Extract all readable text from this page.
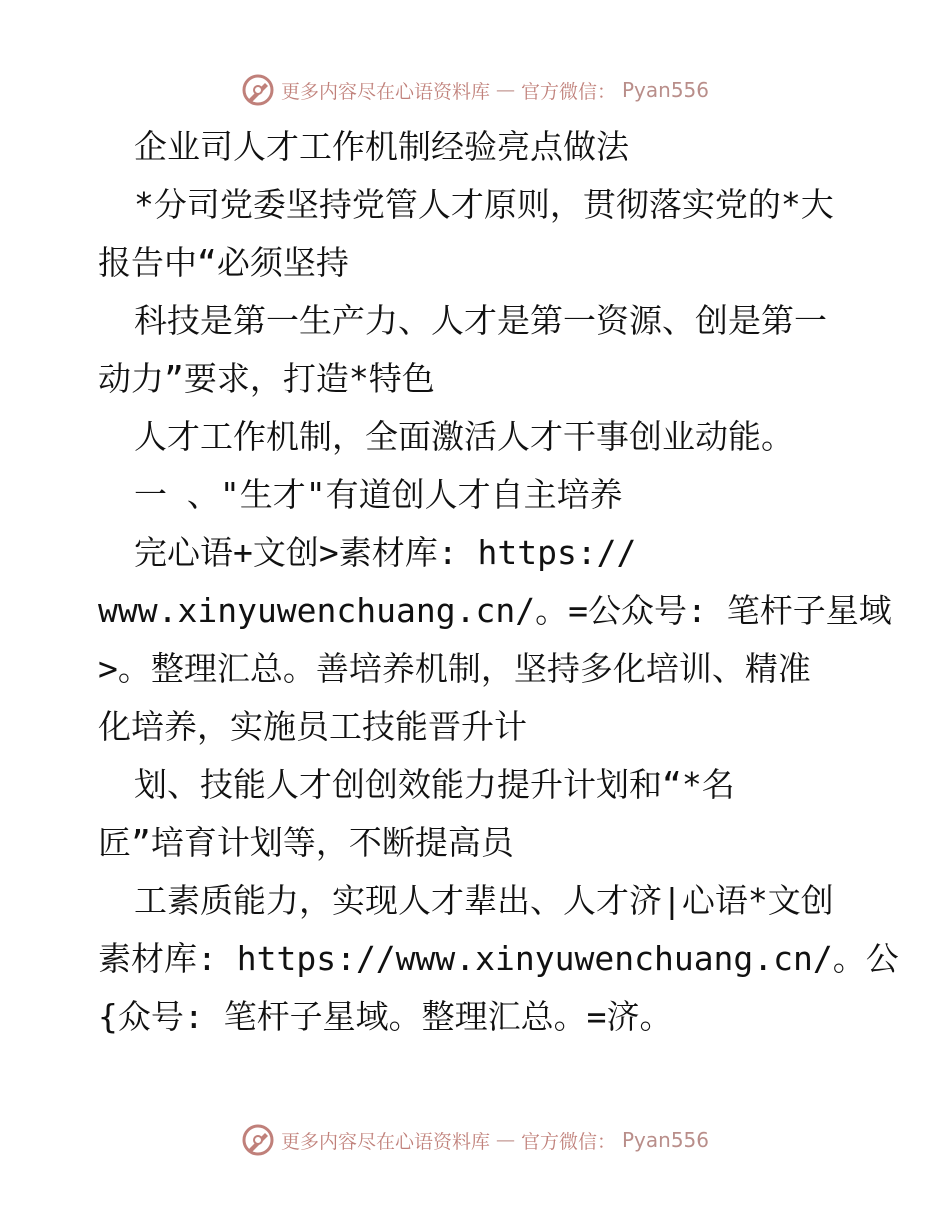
更多内容尽在心语资料库 — 官方微信： Pyan556
企业司人才工作机制经验亮点做法
*分司党委坚持党管人才原则，贯彻落实党的*大
报告中“必须坚持
科技是第一生产力、人才是第一资源、创是第一
动力”要求，打造*特色
人才工作机制，全面激活人才干事创业动能。
一 、"生才"有道创人才自主培养
完心语+文创>素材库: https://
www.xinyuwenchuang.cn/。=公众号: 笔杆子星域
>。整理汇总。善培养机制，坚持多化培训、精准
化培养，实施员工技能晋升计
划、技能人才创创效能力提升计划和“*名
匠”培育计划等，不断提高员
工素质能力，实现人才辈出、人才济|心语*文创
素材库: https://www.xinyuwenchuang.cn/。公
{众号: 笔杆子星域。整理汇总。=济。
更多内容尽在心语资料库 — 官方微信： Pyan556
